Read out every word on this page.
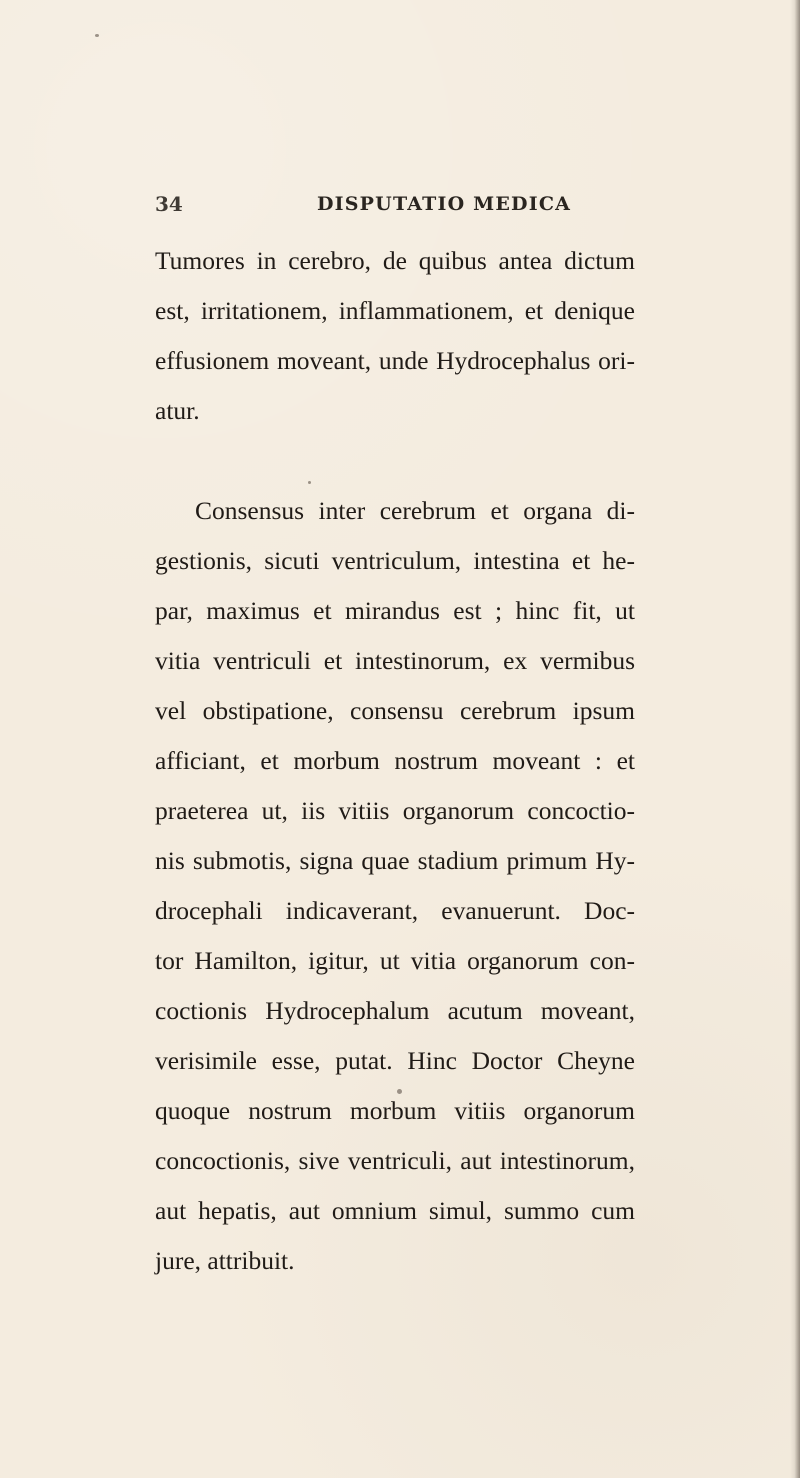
34	DISPUTATIO MEDICA
Tumores in cerebro, de quibus antea dictum
est, irritationem, inflammationem, et denique
effusionem moveant, unde Hydrocephalus ori-
atur.
Consensus inter cerebrum et organa di-
gestionis, sicuti ventriculum, intestina et he-
par, maximus et mirandus est ; hinc fit, ut
vitia ventriculi et intestinorum, ex vermibus
vel obstipatione, consensu cerebrum ipsum
afficiant, et morbum nostrum moveant : et
praeterea ut, iis vitiis organorum concoctio-
nis submotis, signa quae stadium primum Hy-
drocephali indicaverant, evanuerunt. Doc-
tor Hamilton, igitur, ut vitia organorum con-
coctionis Hydrocephalum acutum moveant,
verisimile esse, putat. Hinc Doctor Cheyne
quoque nostrum morbum vitiis organorum
concoctionis, sive ventriculi, aut intestinorum,
aut hepatis, aut omnium simul, summo cum
jure, attribuit.
